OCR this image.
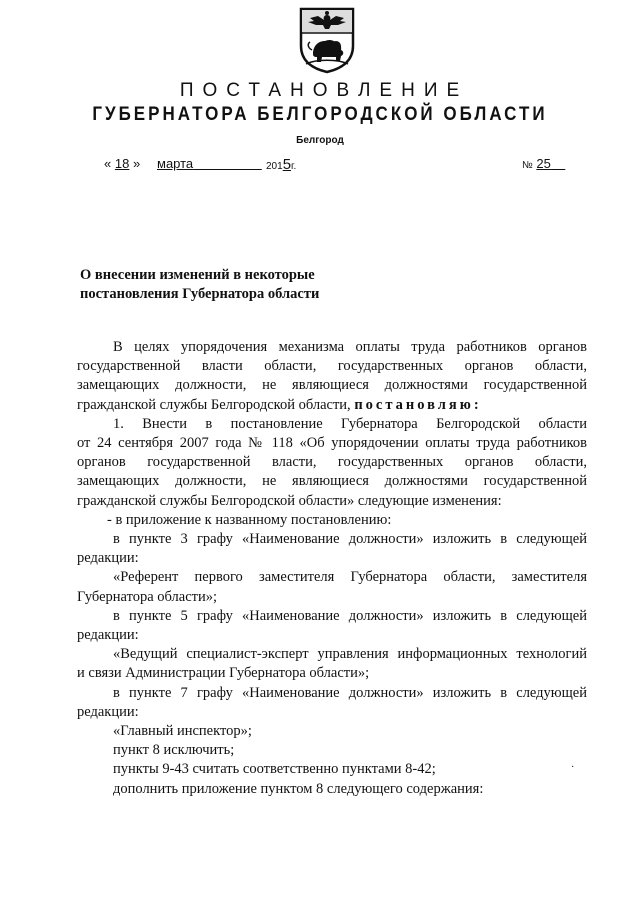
ПОСТАНОВЛЕНИЕ
ГУБЕРНАТОРА БЕЛГОРОДСКОЙ ОБЛАСТИ
Белгород
« 18 » марта	2015г.	№ 25
О внесении изменений в некоторые
постановления Губернатора области
В целях упорядочения механизма оплаты труда работников органов
государственной власти области, государственных органов области,
замещающих должности, не являющиеся должностями государственной
гражданской службы Белгородской области, постановляю:
1. Внести в постановление Губернатора Белгородской области
от 24 сентября 2007 года № 118 «Об упорядочении оплаты труда работников
органов государственной власти, государственных органов области,
замещающих должности, не являющиеся должностями государственной
гражданской службы Белгородской области» следующие изменения:
- в приложение к названному постановлению:
в пункте 3 графу «Наименование должности» изложить в следующей
редакции:
«Референт первого заместителя Губернатора области, заместителя
Губернатора области»;
в пункте 5 графу «Наименование должности» изложить в следующей
редакции:
«Ведущий специалист-эксперт управления информационных технологий
и связи Администрации Губернатора области»;
в пункте 7 графу «Наименование должности» изложить в следующей
редакции:
«Главный инспектор»;
пункт 8 исключить;
пункты 9-43 считать соответственно пунктами 8-42;
дополнить приложение пунктом 8 следующего содержания:
·
